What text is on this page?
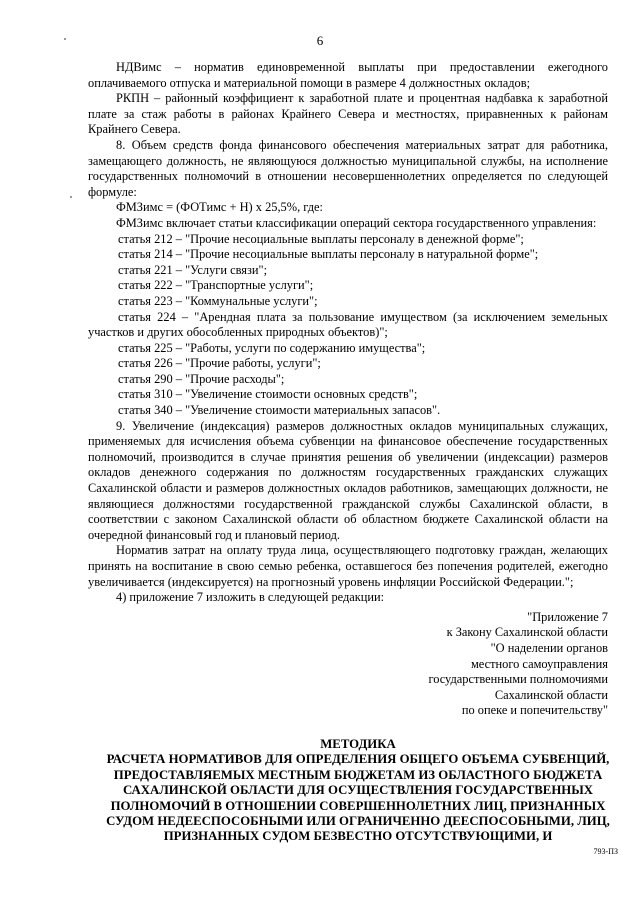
6

НДВимс – норматив единовременной выплаты при предоставлении ежегодного оплачиваемого отпуска и материальной помощи в размере 4 должностных окладов;

РКПН – районный коэффициент к заработной плате и процентная надбавка к заработной плате за стаж работы в районах Крайнего Севера и местностях, приравненных к районам Крайнего Севера.

8. Объем средств фонда финансового обеспечения материальных затрат для работника, замещающего должность, не являющуюся должностью муниципальной службы, на исполнение государственных полномочий в отношении несовершеннолетних определяется по следующей формуле:

ФМЗимс = (ФОТимс + Н) х 25,5%, где:

ФМЗимс включает статьи классификации операций сектора государственного управления:

статья 212 – "Прочие несоциальные выплаты персоналу в денежной форме";

статья 214 – "Прочие несоциальные выплаты персоналу в натуральной форме";

статья 221 – "Услуги связи";

статья 222 – "Транспортные услуги";

статья 223 – "Коммунальные услуги";

статья 224 – "Арендная плата за пользование имуществом (за исключением земельных участков и других обособленных природных объектов)";

статья 225 – "Работы, услуги по содержанию имущества";

статья 226 – "Прочие работы, услуги";

статья 290 – "Прочие расходы";

статья 310 – "Увеличение стоимости основных средств";

статья 340 – "Увеличение стоимости материальных запасов".

9. Увеличение (индексация) размеров должностных окладов муниципальных служащих, применяемых для исчисления объема субвенции на финансовое обеспечение государственных полномочий, производится в случае принятия решения об увеличении (индексации) размеров окладов денежного содержания по должностям государственных гражданских служащих Сахалинской области и размеров должностных окладов работников, замещающих должности, не являющиеся должностями государственной гражданской службы Сахалинской области, в соответствии с законом Сахалинской области об областном бюджете Сахалинской области на очередной финансовый год и плановый период.

Норматив затрат на оплату труда лица, осуществляющего подготовку граждан, желающих принять на воспитание в свою семью ребенка, оставшегося без попечения родителей, ежегодно увеличивается (индексируется) на прогнозный уровень инфляции Российской Федерации.";

4) приложение 7 изложить в следующей редакции:

"Приложение 7
к Закону Сахалинской области
"О наделении органов
местного самоуправления
государственными полномочиями
Сахалинской области
по опеке и попечительству"
МЕТОДИКА
РАСЧЕТА НОРМАТИВОВ ДЛЯ ОПРЕДЕЛЕНИЯ ОБЩЕГО ОБЪЕМА СУБВЕНЦИЙ,
ПРЕДОСТАВЛЯЕМЫХ МЕСТНЫМ БЮДЖЕТАМ ИЗ ОБЛАСТНОГО БЮДЖЕТА
САХАЛИНСКОЙ ОБЛАСТИ ДЛЯ ОСУЩЕСТВЛЕНИЯ ГОСУДАРСТВЕННЫХ
ПОЛНОМОЧИЙ В ОТНОШЕНИИ СОВЕРШЕННОЛЕТНИХ ЛИЦ, ПРИЗНАННЫХ
СУДОМ НЕДЕЕСПОСОБНЫМИ ИЛИ ОГРАНИЧЕННО ДЕЕСПОСОБНЫМИ, ЛИЦ,
ПРИЗНАННЫХ СУДОМ БЕЗВЕСТНО ОТСУТСТВУЮЩИМИ, И
793-ПЗ
